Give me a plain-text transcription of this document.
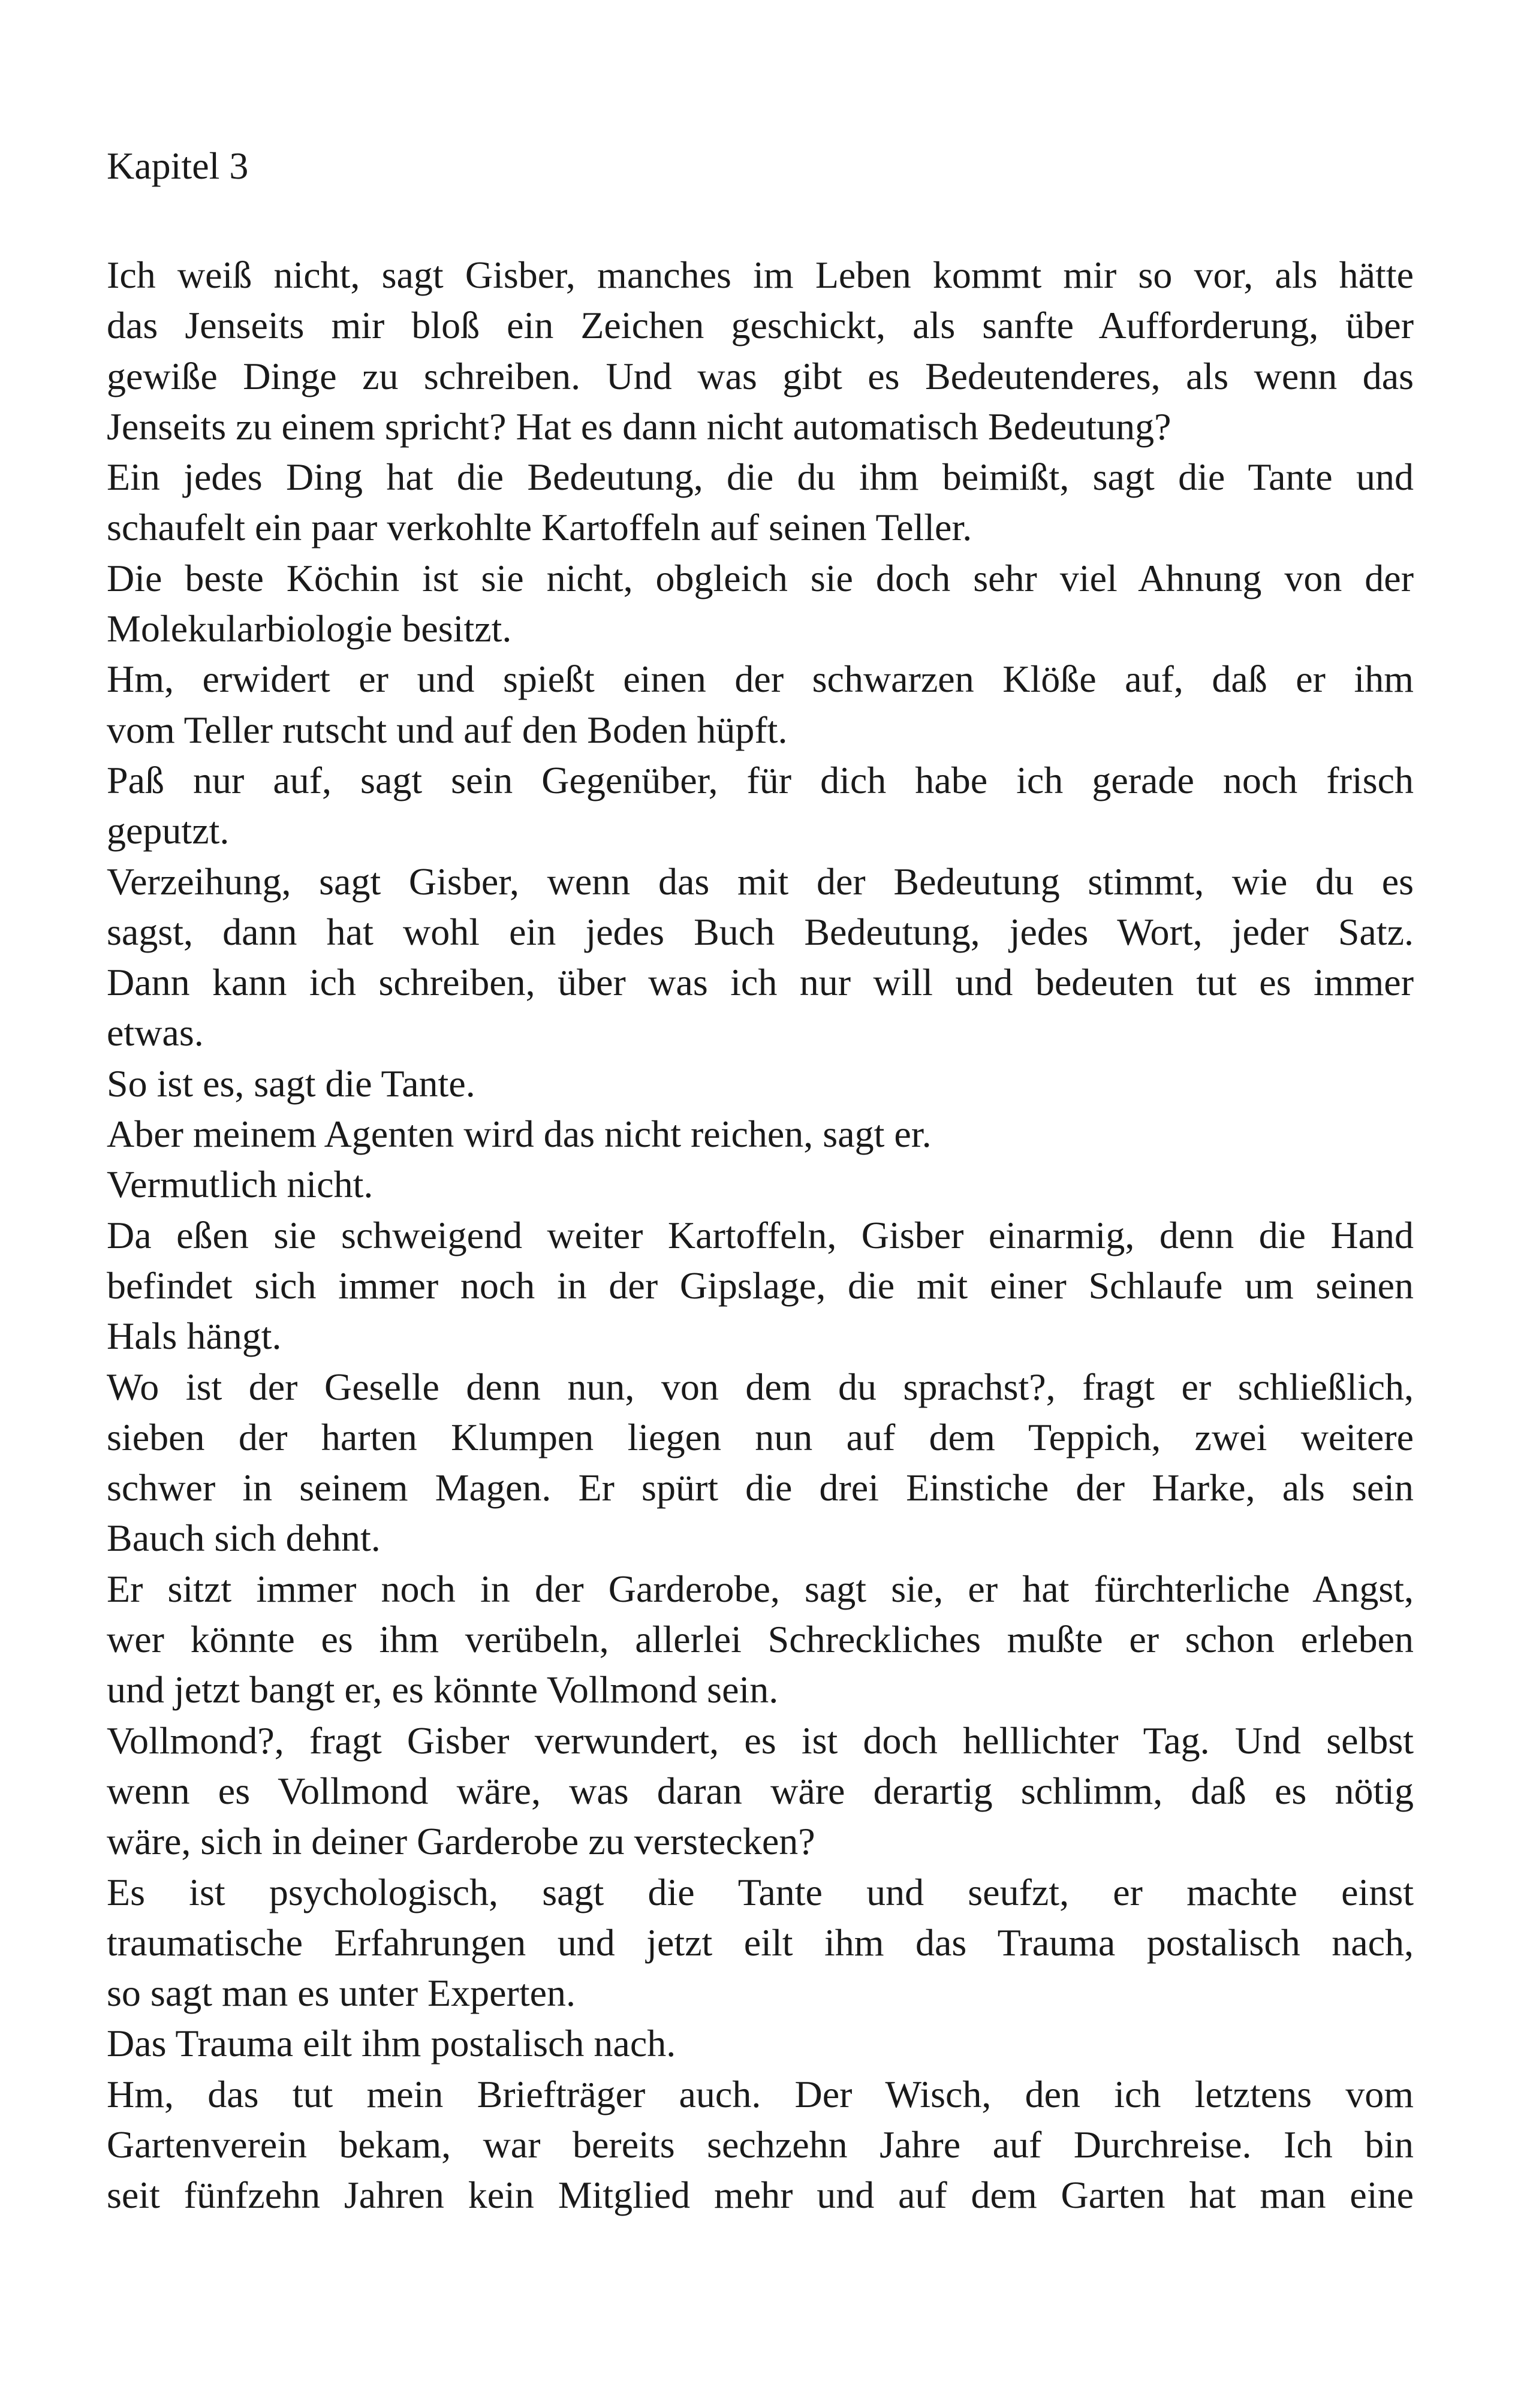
Kapitel 3
Ich weiß nicht, sagt Gisber, manches im Leben kommt mir so vor, als hätte
das Jenseits mir bloß ein Zeichen geschickt, als sanfte Aufforderung, über
gewiße Dinge zu schreiben. Und was gibt es Bedeutenderes, als wenn das
Jenseits zu einem spricht? Hat es dann nicht automatisch Bedeutung?
Ein jedes Ding hat die Bedeutung, die du ihm beimißt, sagt die Tante und
schaufelt ein paar verkohlte Kartoffeln auf seinen Teller.
Die beste Köchin ist sie nicht, obgleich sie doch sehr viel Ahnung von der
Molekularbiologie besitzt.
Hm, erwidert er und spießt einen der schwarzen Klöße auf, daß er ihm
vom Teller rutscht und auf den Boden hüpft.
Paß nur auf, sagt sein Gegenüber, für dich habe ich gerade noch frisch
geputzt.
Verzeihung, sagt Gisber, wenn das mit der Bedeutung stimmt, wie du es
sagst, dann hat wohl ein jedes Buch Bedeutung, jedes Wort, jeder Satz.
Dann kann ich schreiben, über was ich nur will und bedeuten tut es immer
etwas.
So ist es, sagt die Tante.
Aber meinem Agenten wird das nicht reichen, sagt er.
Vermutlich nicht.
Da eßen sie schweigend weiter Kartoffeln, Gisber einarmig, denn die Hand
befindet sich immer noch in der Gipslage, die mit einer Schlaufe um seinen
Hals hängt.
Wo ist der Geselle denn nun, von dem du sprachst?, fragt er schließlich,
sieben der harten Klumpen liegen nun auf dem Teppich, zwei weitere
schwer in seinem Magen. Er spürt die drei Einstiche der Harke, als sein
Bauch sich dehnt.
Er sitzt immer noch in der Garderobe, sagt sie, er hat fürchterliche Angst,
wer könnte es ihm verübeln, allerlei Schreckliches mußte er schon erleben
und jetzt bangt er, es könnte Vollmond sein.
Vollmond?, fragt Gisber verwundert, es ist doch helllichter Tag. Und selbst
wenn es Vollmond wäre, was daran wäre derartig schlimm, daß es nötig
wäre, sich in deiner Garderobe zu verstecken?
Es ist psychologisch, sagt die Tante und seufzt, er machte einst
traumatische Erfahrungen und jetzt eilt ihm das Trauma postalisch nach,
so sagt man es unter Experten.
Das Trauma eilt ihm postalisch nach.
Hm, das tut mein Briefträger auch. Der Wisch, den ich letztens vom
Gartenverein bekam, war bereits sechzehn Jahre auf Durchreise. Ich bin
seit fünfzehn Jahren kein Mitglied mehr und auf dem Garten hat man eine
